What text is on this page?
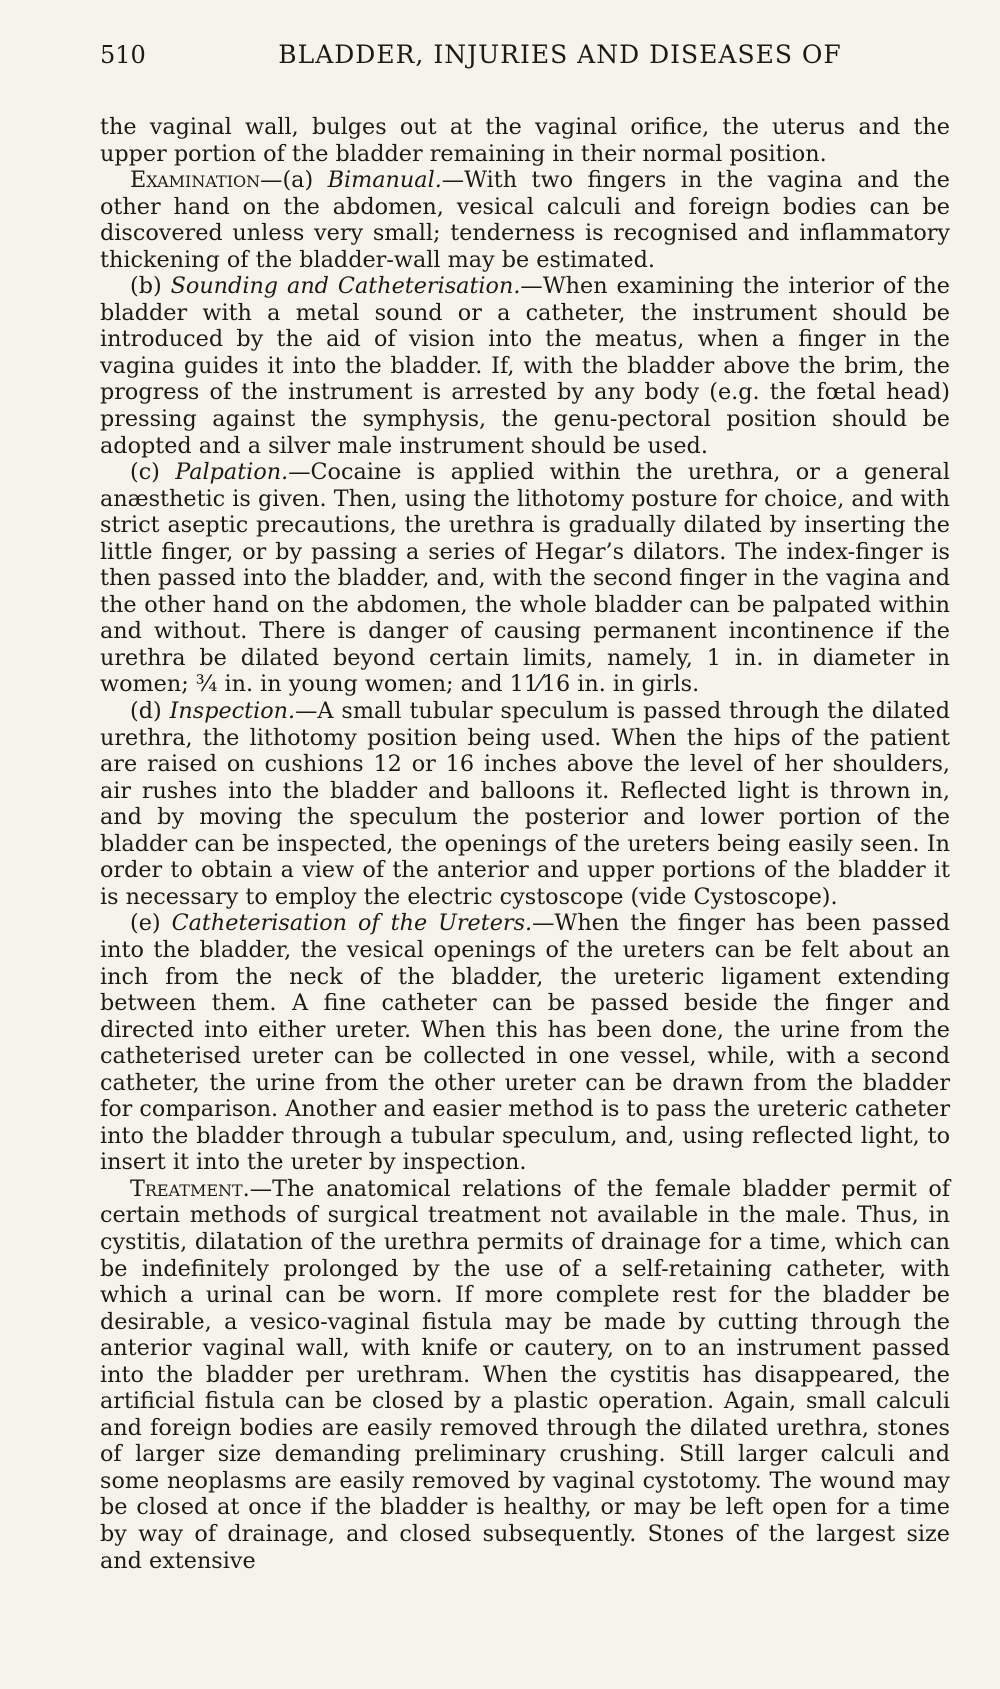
510	BLADDER, INJURIES AND DISEASES OF

the vaginal wall, bulges out at the vaginal orifice, the uterus and the upper portion of the bladder remaining in their normal position.

Examination—(a) Bimanual.—With two fingers in the vagina and the other hand on the abdomen, vesical calculi and foreign bodies can be discovered unless very small; tenderness is recognised and inflammatory thickening of the bladder-wall may be estimated.

(b) Sounding and Catheterisation.—When examining the interior of the bladder with a metal sound or a catheter, the instrument should be introduced by the aid of vision into the meatus, when a finger in the vagina guides it into the bladder. If, with the bladder above the brim, the progress of the instrument is arrested by any body (e.g. the fœtal head) pressing against the symphysis, the genu-pectoral position should be adopted and a silver male instrument should be used.

(c) Palpation.—Cocaine is applied within the urethra, or a general anæsthetic is given. Then, using the lithotomy posture for choice, and with strict aseptic precautions, the urethra is gradually dilated by inserting the little finger, or by passing a series of Hegar’s dilators. The index-finger is then passed into the bladder, and, with the second finger in the vagina and the other hand on the abdomen, the whole bladder can be palpated within and without. There is danger of causing permanent incontinence if the urethra be dilated beyond certain limits, namely, 1 in. in diameter in women; ¾ in. in young women; and 11⁄16 in. in girls.

(d) Inspection.—A small tubular speculum is passed through the dilated urethra, the lithotomy position being used. When the hips of the patient are raised on cushions 12 or 16 inches above the level of her shoulders, air rushes into the bladder and balloons it. Reflected light is thrown in, and by moving the speculum the posterior and lower portion of the bladder can be inspected, the openings of the ureters being easily seen. In order to obtain a view of the anterior and upper portions of the bladder it is necessary to employ the electric cystoscope (vide Cystoscope).

(e) Catheterisation of the Ureters.—When the finger has been passed into the bladder, the vesical openings of the ureters can be felt about an inch from the neck of the bladder, the ureteric ligament extending between them. A fine catheter can be passed beside the finger and directed into either ureter. When this has been done, the urine from the catheterised ureter can be collected in one vessel, while, with a second catheter, the urine from the other ureter can be drawn from the bladder for comparison. Another and easier method is to pass the ureteric catheter into the bladder through a tubular speculum, and, using reflected light, to insert it into the ureter by inspection.

Treatment.—The anatomical relations of the female bladder permit of certain methods of surgical treatment not available in the male. Thus, in cystitis, dilatation of the urethra permits of drainage for a time, which can be indefinitely prolonged by the use of a self-retaining catheter, with which a urinal can be worn. If more complete rest for the bladder be desirable, a vesico-vaginal fistula may be made by cutting through the anterior vaginal wall, with knife or cautery, on to an instrument passed into the bladder per urethram. When the cystitis has disappeared, the artificial fistula can be closed by a plastic operation. Again, small calculi and foreign bodies are easily removed through the dilated urethra, stones of larger size demanding preliminary crushing. Still larger calculi and some neoplasms are easily removed by vaginal cystotomy. The wound may be closed at once if the bladder is healthy, or may be left open for a time by way of drainage, and closed subsequently. Stones of the largest size and extensive
